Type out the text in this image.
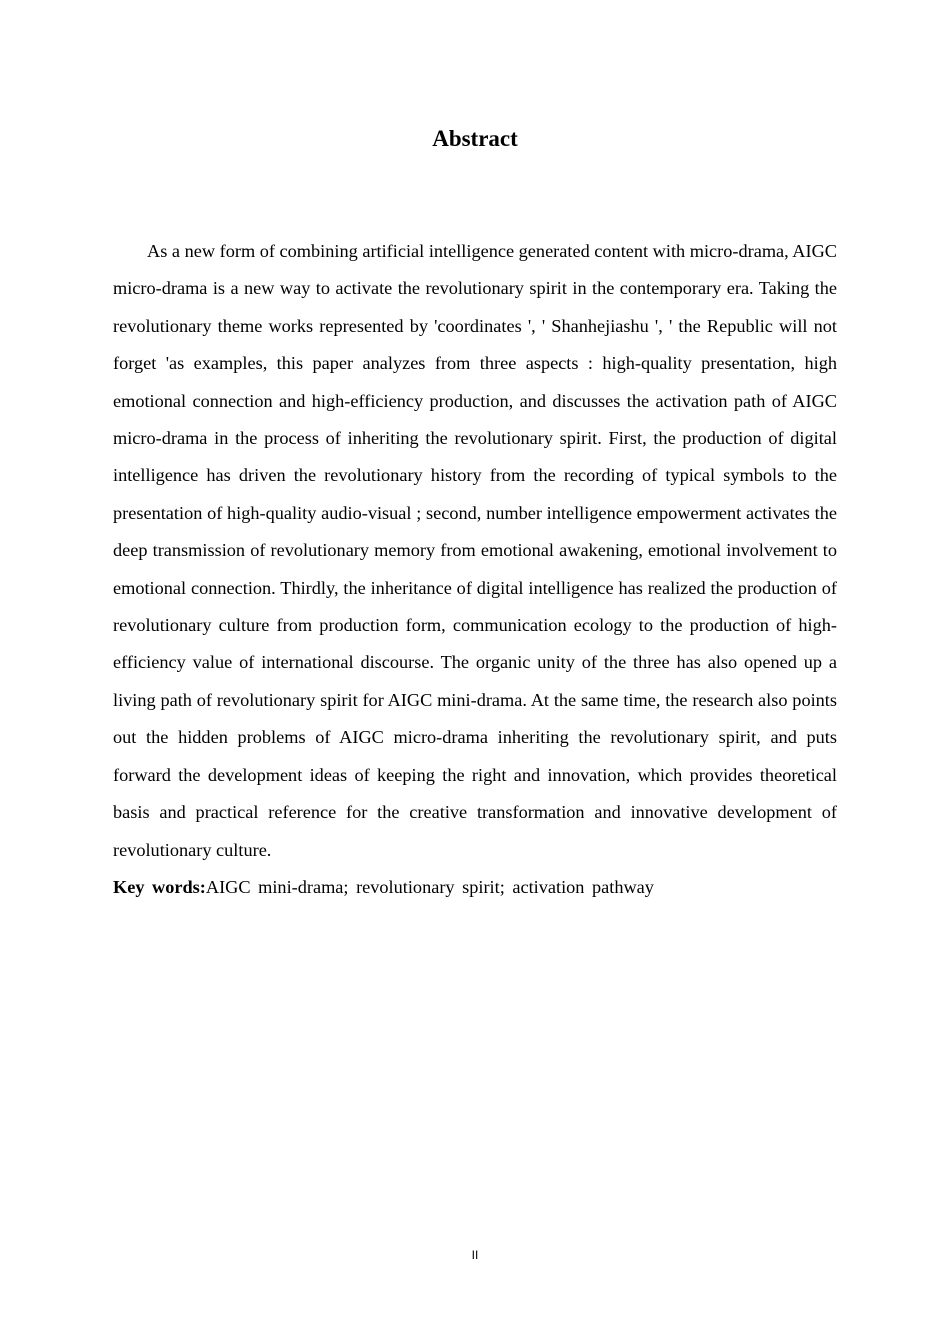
Abstract

As a new form of combining artificial intelligence generated content with micro-drama, AIGC micro-drama is a new way to activate the revolutionary spirit in the contemporary era. Taking the revolutionary theme works represented by 'coordinates ', ' Shanhejiashu ', ' the Republic will not forget 'as examples, this paper analyzes from three aspects : high-quality presentation, high emotional connection and high-efficiency production, and discusses the activation path of AIGC micro-drama in the process of inheriting the revolutionary spirit. First, the production of digital intelligence has driven the revolutionary history from the recording of typical symbols to the presentation of high-quality audio-visual ; second, number intelligence empowerment activates the deep transmission of revolutionary memory from emotional awakening, emotional involvement to emotional connection. Thirdly, the inheritance of digital intelligence has realized the production of revolutionary culture from production form, communication ecology to the production of high-efficiency value of international discourse. The organic unity of the three has also opened up a living path of revolutionary spirit for AIGC mini-drama. At the same time, the research also points out the hidden problems of AIGC micro-drama inheriting the revolutionary spirit, and puts forward the development ideas of keeping the right and innovation, which provides theoretical basis and practical reference for the creative transformation and innovative development of revolutionary culture.

Key words:AIGC mini-drama; revolutionary spirit; activation pathway

II
